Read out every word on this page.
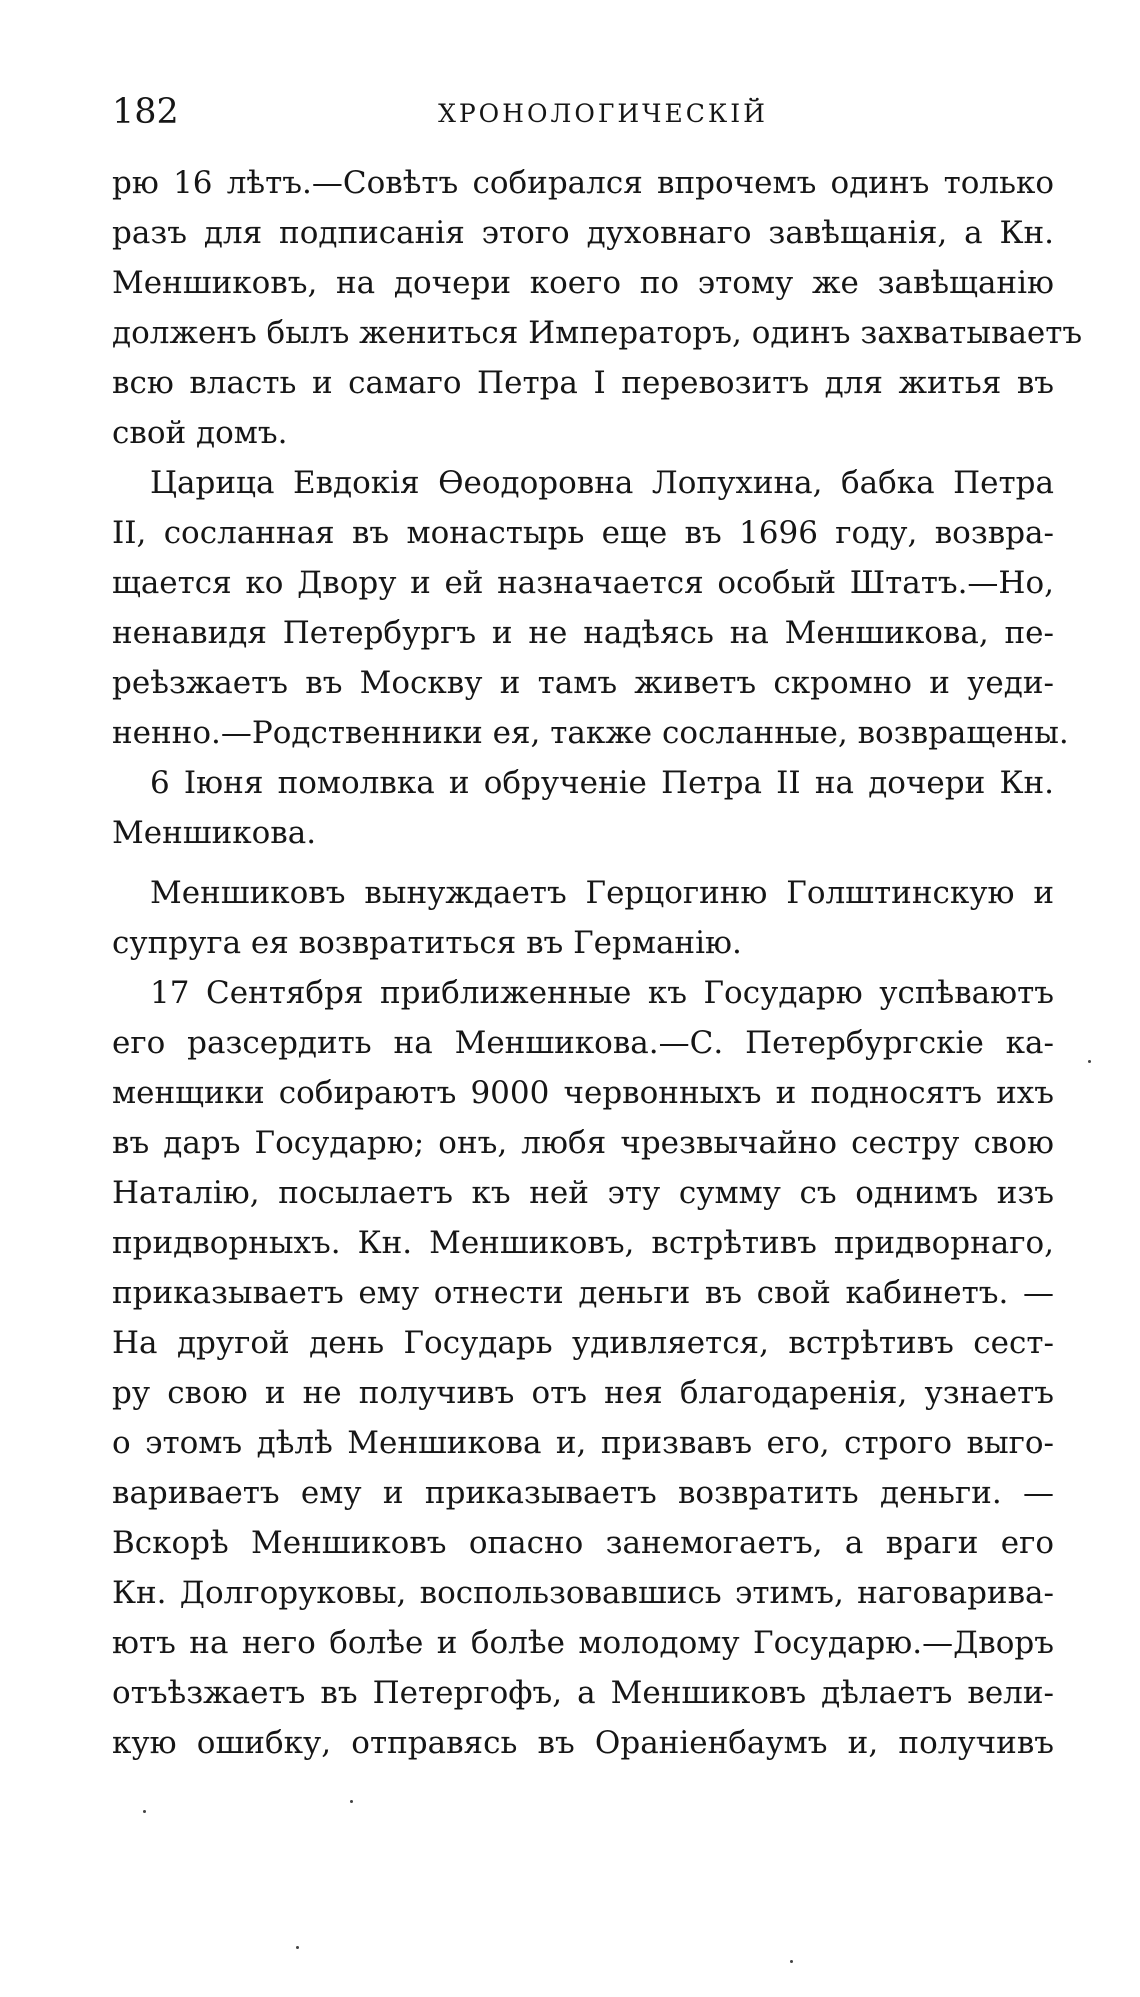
182	ХРОНОЛОГИЧЕСКІЙ
рю 16 лѣтъ.—Совѣтъ собирался впрочемъ одинъ только
разъ для подписанія этого духовнаго завѣщанія, а Кн.
Меншиковъ, на дочери коего по этому же завѣщанію
долженъ былъ жениться Императоръ, одинъ захватываетъ
всю власть и самаго Петра I перевозитъ для житья въ
свой домъ.
Царица Евдокія Ѳеодоровна Лопухина, бабка Петра
II, сосланная въ монастырь еще въ 1696 году, возвра-
щается ко Двору и ей назначается особый Штатъ.—Но,
ненавидя Петербургъ и не надѣясь на Меншикова, пе-
реѣзжаетъ въ Москву и тамъ живетъ скромно и уеди-
ненно.—Родственники ея, также сосланные, возвращены.
6 Іюня помолвка и обрученіе Петра II на дочери Кн.
Меншикова.
Меншиковъ вынуждаетъ Герцогиню Голштинскую и
супруга ея возвратиться въ Германію.
17 Сентября приближенные къ Государю успѣваютъ
его разсердить на Меншикова.—С. Петербургскіе ка-
менщики собираютъ 9000 червонныхъ и подносятъ ихъ
въ даръ Государю; онъ, любя чрезвычайно сестру свою
Наталію, посылаетъ къ ней эту сумму съ однимъ изъ
придворныхъ. Кн. Меншиковъ, встрѣтивъ придворнаго,
приказываетъ ему отнести деньги въ свой кабинетъ. —
На другой день Государь удивляется, встрѣтивъ сест-
ру свою и не получивъ отъ нея благодаренія, узнаетъ
о этомъ дѣлѣ Меншикова и, призвавъ его, строго выго-
вариваетъ ему и приказываетъ возвратить деньги. —
Вскорѣ Меншиковъ опасно занемогаетъ, а враги его
Кн. Долгоруковы, воспользовавшись этимъ, наговарива-
ютъ на него болѣе и болѣе молодому Государю.—Дворъ
отъѣзжаетъ въ Петергофъ, а Меншиковъ дѣлаетъ вели-
кую ошибку, отправясь въ Ораніенбаумъ и, получивъ
